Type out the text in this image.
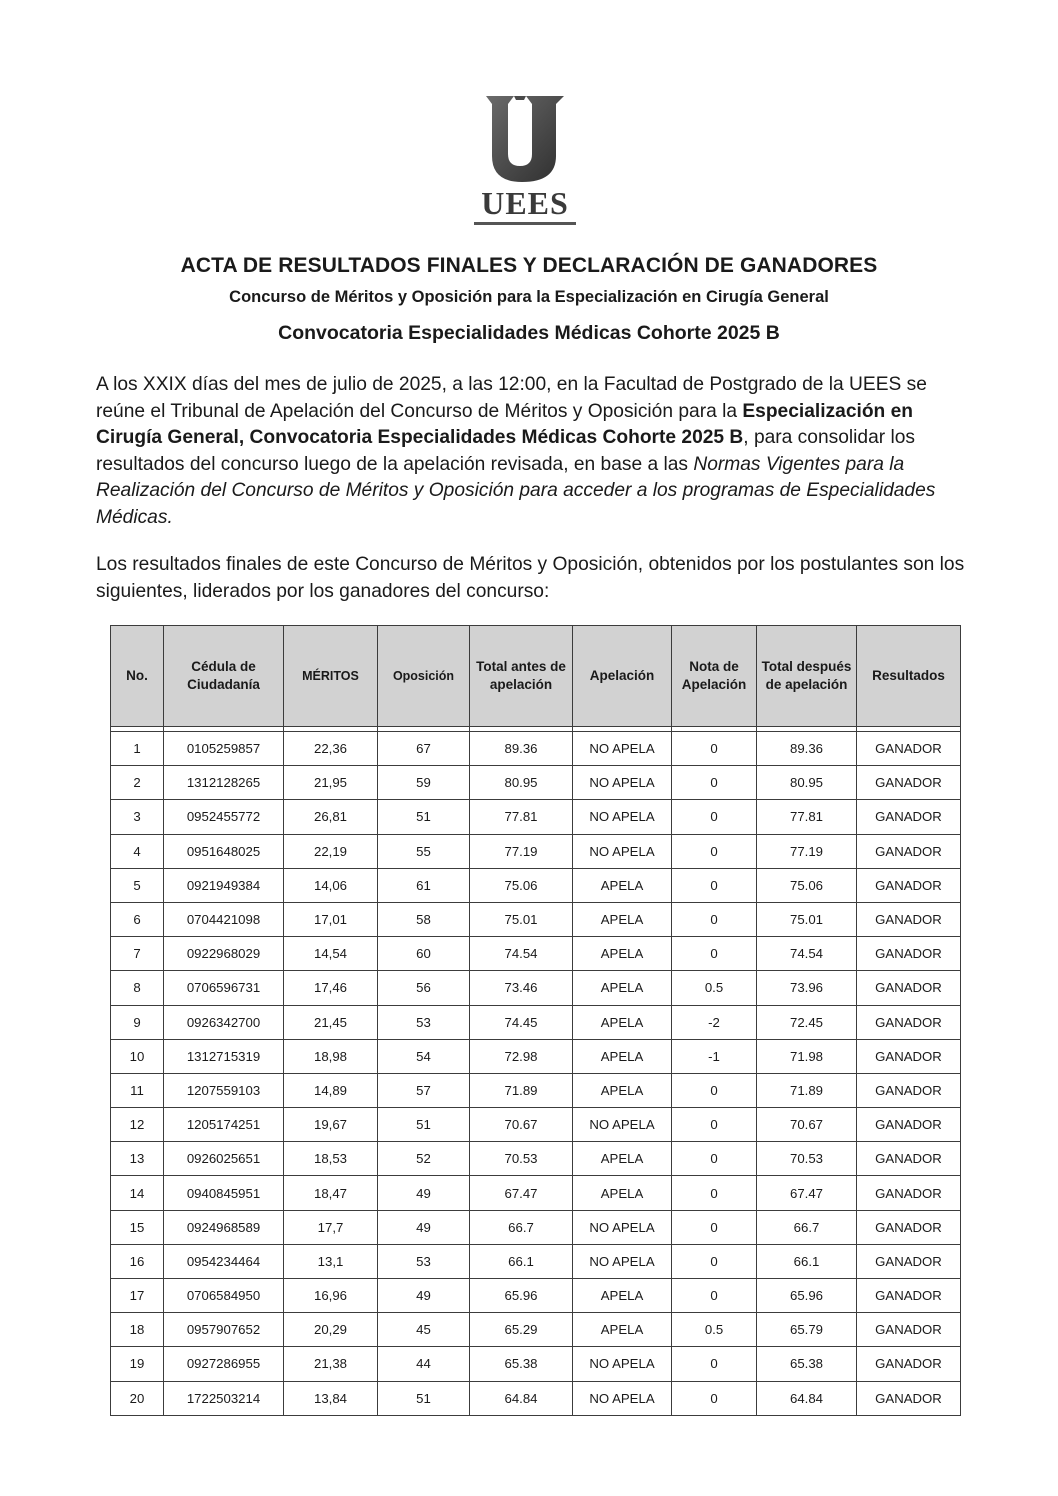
UEES
ACTA DE RESULTADOS FINALES Y DECLARACIÓN DE GANADORES
Concurso de Méritos y Oposición para la Especialización en Cirugía General
Convocatoria Especialidades Médicas Cohorte 2025 B
A los XXIX días del mes de julio de 2025, a las 12:00, en la Facultad de Postgrado de la UEES se reúne el Tribunal de Apelación del Concurso de Méritos y Oposición para la Especialización en Cirugía General, Convocatoria Especialidades Médicas Cohorte 2025 B, para consolidar los resultados del concurso luego de la apelación revisada, en base a las Normas Vigentes para la Realización del Concurso de Méritos y Oposición para acceder a los programas de Especialidades Médicas.
Los resultados finales de este Concurso de Méritos y Oposición, obtenidos por los postulantes son los siguientes, liderados por los ganadores del concurso:
No.	Cédula de Ciudadanía	MÉRITOS	Oposición	Total antes de apelación	Apelación	Nota de Apelación	Total después de apelación	Resultados

1	0105259857	22,36	67	89.36	NO APELA	0	89.36	GANADOR
2	1312128265	21,95	59	80.95	NO APELA	0	80.95	GANADOR
3	0952455772	26,81	51	77.81	NO APELA	0	77.81	GANADOR
4	0951648025	22,19	55	77.19	NO APELA	0	77.19	GANADOR
5	0921949384	14,06	61	75.06	APELA	0	75.06	GANADOR
6	0704421098	17,01	58	75.01	APELA	0	75.01	GANADOR
7	0922968029	14,54	60	74.54	APELA	0	74.54	GANADOR
8	0706596731	17,46	56	73.46	APELA	0.5	73.96	GANADOR
9	0926342700	21,45	53	74.45	APELA	-2	72.45	GANADOR
10	1312715319	18,98	54	72.98	APELA	-1	71.98	GANADOR
11	1207559103	14,89	57	71.89	APELA	0	71.89	GANADOR
12	1205174251	19,67	51	70.67	NO APELA	0	70.67	GANADOR
13	0926025651	18,53	52	70.53	APELA	0	70.53	GANADOR
14	0940845951	18,47	49	67.47	APELA	0	67.47	GANADOR
15	0924968589	17,7	49	66.7	NO APELA	0	66.7	GANADOR
16	0954234464	13,1	53	66.1	NO APELA	0	66.1	GANADOR
17	0706584950	16,96	49	65.96	APELA	0	65.96	GANADOR
18	0957907652	20,29	45	65.29	APELA	0.5	65.79	GANADOR
19	0927286955	21,38	44	65.38	NO APELA	0	65.38	GANADOR
20	1722503214	13,84	51	64.84	NO APELA	0	64.84	GANADOR
